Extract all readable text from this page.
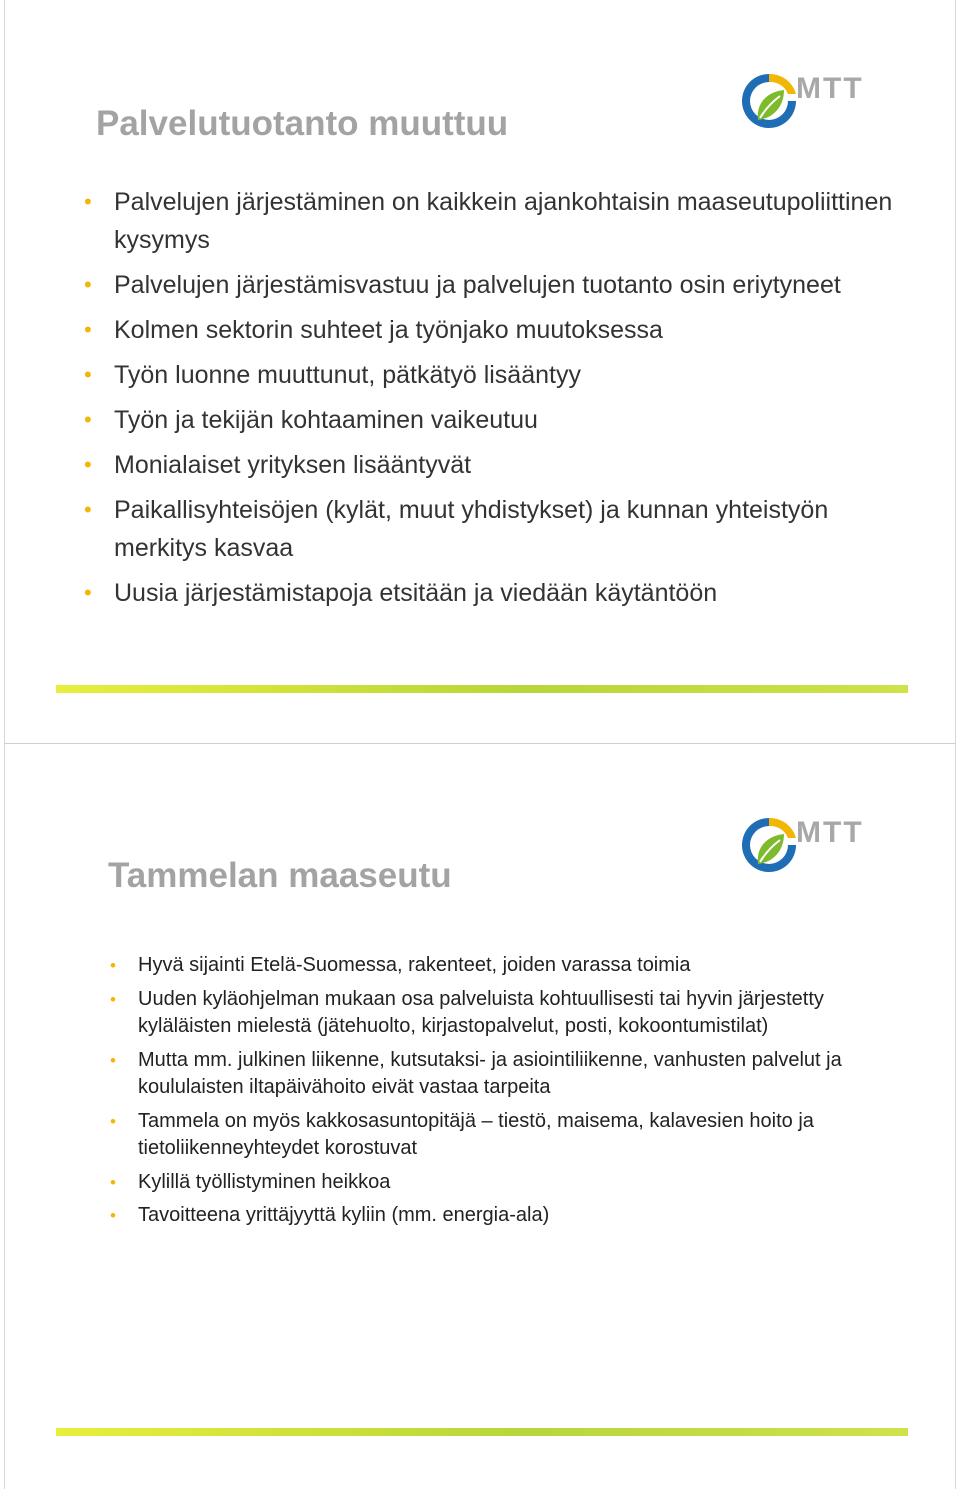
MTT
Palvelutuotanto muuttuu
• Palvelujen järjestäminen on kaikkein ajankohtaisin maaseutupoliittinen kysymys
• Palvelujen järjestämisvastuu ja palvelujen tuotanto osin eriytyneet
• Kolmen sektorin suhteet ja työnjako muutoksessa
• Työn luonne muuttunut, pätkätyö lisääntyy
• Työn ja tekijän kohtaaminen vaikeutuu
• Monialaiset yrityksen lisääntyvät
• Paikallisyhteisöjen (kylät, muut yhdistykset) ja kunnan yhteistyön merkitys kasvaa
• Uusia järjestämistapoja etsitään ja viedään käytäntöön
MTT
Tammelan maaseutu
• Hyvä sijainti Etelä-Suomessa, rakenteet, joiden varassa toimia
• Uuden kyläohjelman mukaan osa palveluista kohtuullisesti tai hyvin järjestetty kyläläisten mielestä (jätehuolto, kirjastopalvelut, posti, kokoontumistilat)
• Mutta mm. julkinen liikenne, kutsutaksi- ja asiointiliikenne, vanhusten palvelut ja koululaisten iltapäivähoito eivät vastaa tarpeita
• Tammela on myös kakkosasuntopitäjä – tiestö, maisema, kalavesien hoito ja tietoliikenneyhteydet korostuvat
• Kylillä työllistyminen heikkoa
• Tavoitteena yrittäjyyttä kyliin (mm. energia-ala)
